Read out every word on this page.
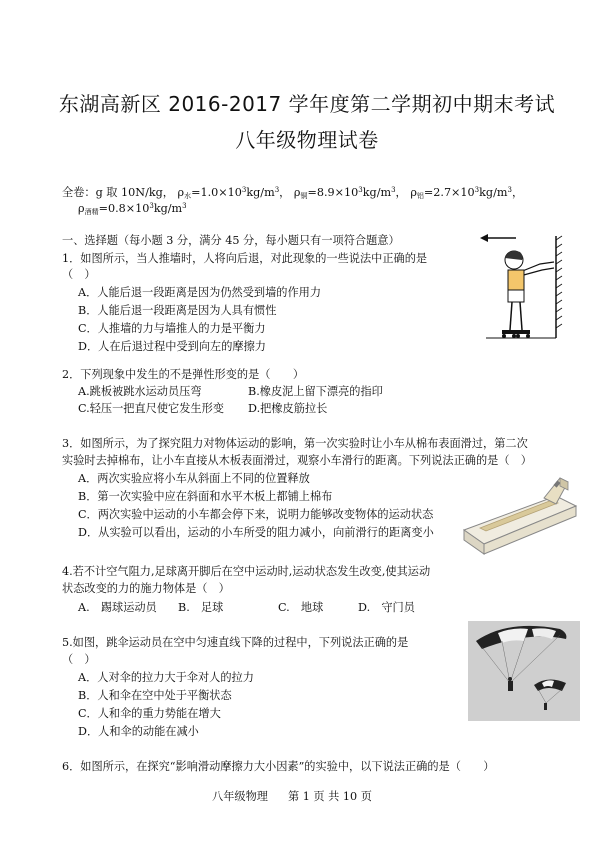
东湖高新区 2016-2017 学年度第二学期初中期末考试
八年级物理试卷
全卷：g 取 10N/kg， $\rho_水=1.0\times 10^3kg/m^3$， $\rho_铜=8.9\times 10^3kg/m^3$， $\rho_铝=2.7\times 10^3kg/m^3$，
$\rho_{酒精}=0.8\times 10^3kg/m^3$
一、选择题（每小题 3 分，满分 45 分，每小题只有一项符合题意）
1．如图所示，当人推墙时，人将向后退，对此现象的一些说法中正确的是
（　）
A．人能后退一段距离是因为仍然受到墙的作用力
B．人能后退一段距离是因为人具有惯性
C．人推墙的力与墙推人的力是平衡力
D．人在后退过程中受到向左的摩擦力
2．下列现象中发生的不是弹性形变的是（　　）
A.跳板被跳水运动员压弯	B.橡皮泥上留下漂亮的指印
C.轻压一把直尺使它发生形变 D.把橡皮筋拉长
3．如图所示，为了探究阻力对物体运动的影响，第一次实验时让小车从棉布表面滑过，第二次
实验时去掉棉布，让小车直接从木板表面滑过，观察小车滑行的距离。下列说法正确的是（　）
A．两次实验应将小车从斜面上不同的位置释放
B．第一次实验中应在斜面和水平木板上都铺上棉布
C．两次实验中运动的小车都会停下来，说明力能够改变物体的运动状态
D．从实验可以看出，运动的小车所受的阻力减小，向前滑行的距离变小
4.若不计空气阻力,足球离开脚后在空中运动时,运动状态发生改变,使其运动
状态改变的力的施力物体是（　）
A.　踢球运动员 B.　足球	C.　地球	D.　守门员
5.如图，跳伞运动员在空中匀速直线下降的过程中，下列说法正确的是
（　）
A．人对伞的拉力大于伞对人的拉力
B．人和伞在空中处于平衡状态
C．人和伞的重力势能在增大
D．人和伞的动能在减小
6．如图所示，在探究“影响滑动摩擦力大小因素”的实验中，以下说法正确的是（　　）
八年级物理 第 1 页 共 10 页
